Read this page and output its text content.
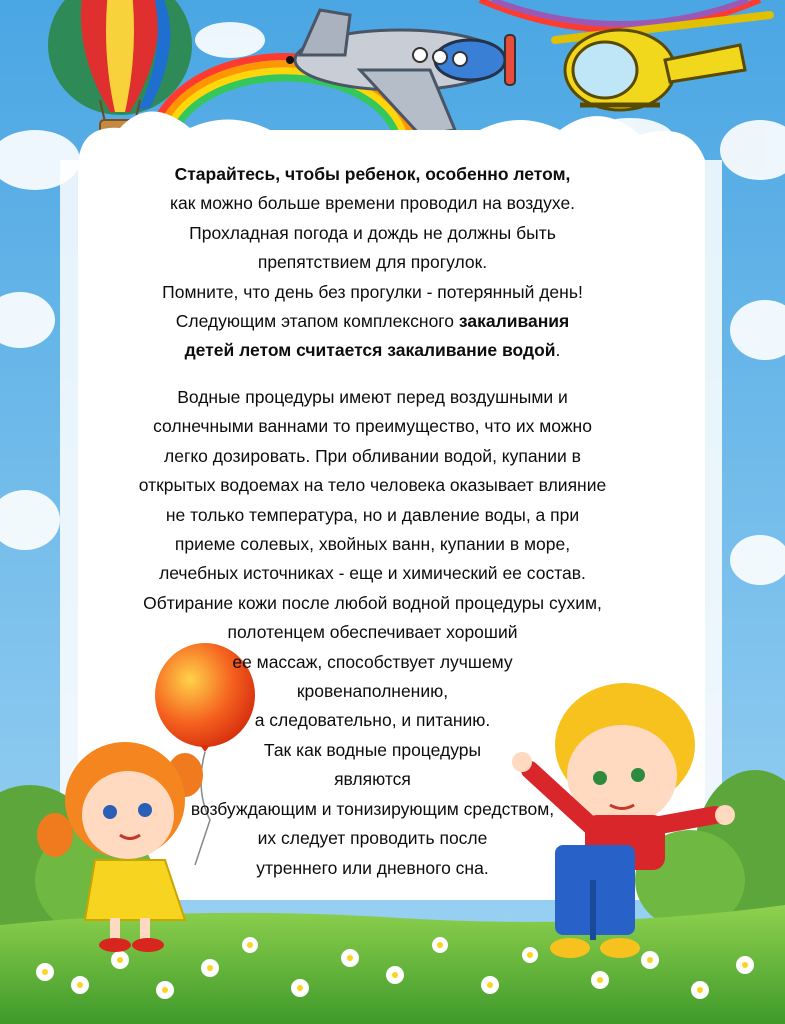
Старайтесь, чтобы ребенок, особенно летом,
как можно больше времени проводил на воздухе.
Прохладная погода и дождь не должны быть
препятствием для прогулок.
Помните, что день без прогулки - потерянный день!
Следующим этапом комплексного закаливания
детей летом считается закаливание водой.
Водные процедуры имеют перед воздушными и
солнечными ваннами то преимущество, что их можно
легко дозировать. При обливании водой, купании в
открытых водоемах на тело человека оказывает влияние
не только температура, но и давление воды, а при
приеме солевых, хвойных ванн, купании в море,
лечебных источниках - еще и химический ее состав.
Обтирание кожи после любой водной процедуры сухим,
полотенцем обеспечивает хороший
ее массаж, способствует лучшему
кровенаполнению,
а следовательно, и питанию.
Так как водные процедуры
являются
возбуждающим и тонизирующим средством,
их следует проводить после
утреннего или дневного сна.
